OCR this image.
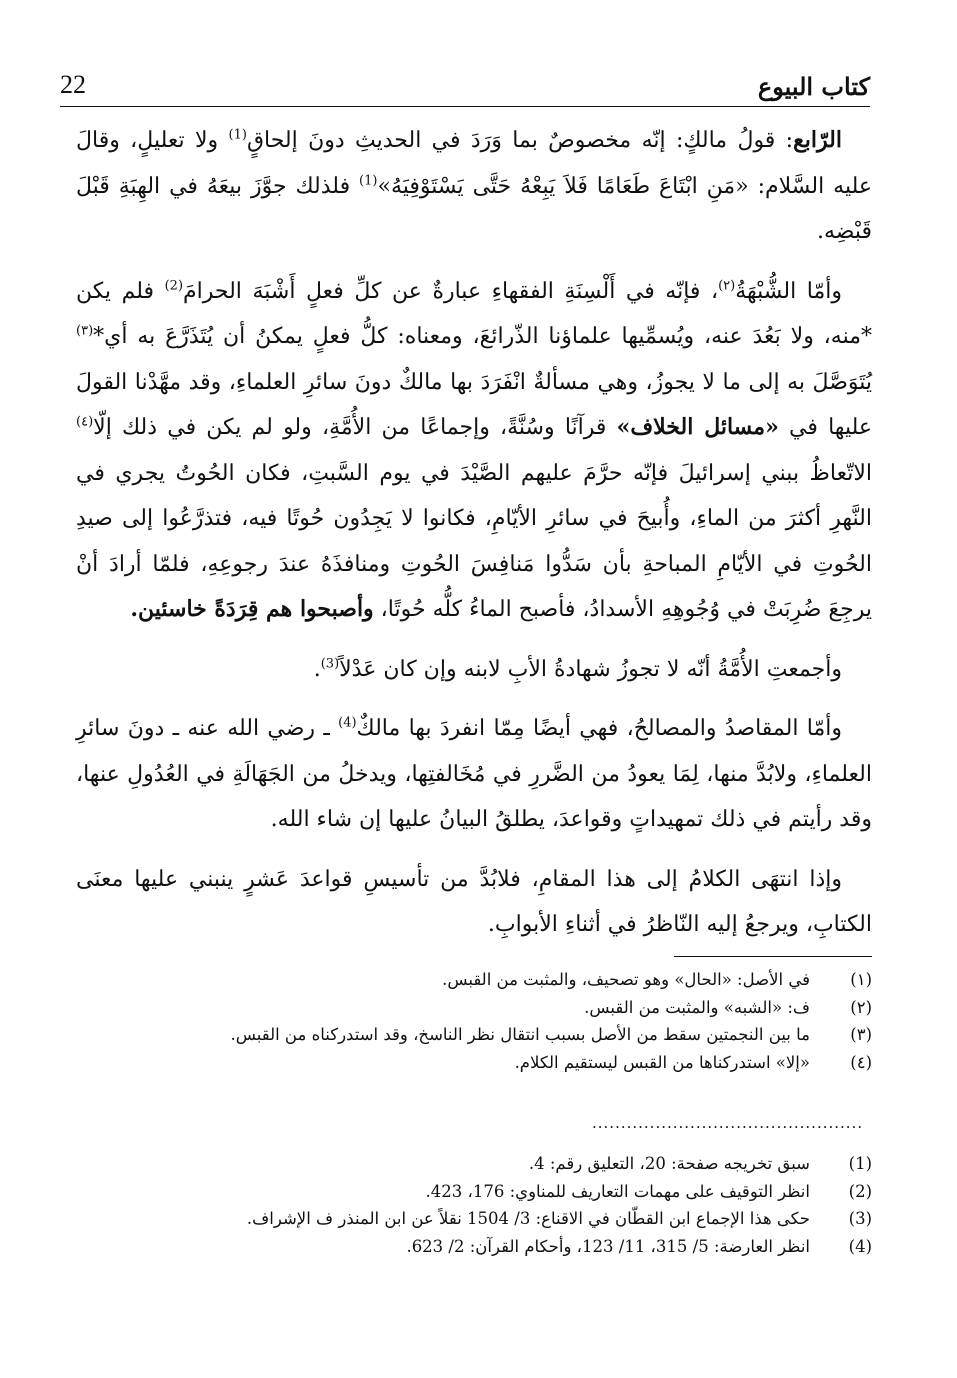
كتاب البيوع
22

الرّابع: قولُ مالكٍ: إنّه مخصوصٌ بما وَرَدَ في الحديثِ دونَ إلحاقٍ$^{(1)}$ ولا تعليلٍ، وقالَ عليه السَّلام: «مَنِ ابْتَاعَ طَعَامًا فَلاَ يَبِعْهُ حَتَّى يَسْتَوْفِيَهُ»$^{(1)}$ فلذلك جوَّزَ بيعَهُ في الهِبَةِ قَبْلَ قَبْضِه.

وأمّا الشُّبْهَةُ$^{(٢)}$، فإنّه في أَلْسِنَةِ الفقهاءِ عبارةٌ عن كلِّ فعلٍ أَشْبَهَ الحرامَ$^{(2)}$ فلم يكن *منه، ولا بَعُدَ عنه، ويُسمِّيها علماؤنا الذّرائعَ، ومعناه: كلُّ فعلٍ يمكنُ أن يُتَذَرَّعَ به أي*$^{(٣)}$ يُتَوَصَّلَ به إلى ما لا يجوزُ، وهي مسألةٌ انْفَرَدَ بها مالكٌ دونَ سائرِ العلماءِ، وقد مهَّدْنا القولَ عليها في «مسائل الخلاف» قرآنًا وسُنَّةً، وإجماعًا من الأُمَّةِ، ولو لم يكن في ذلك إلّا$^{(٤)}$ الاتّعاظُ ببني إسرائيلَ فإنّه حرَّمَ عليهم الصَّيْدَ في يوم السَّبتِ، فكان الحُوتُ يجري في النَّهرِ أكثرَ من الماءِ، وأُبيحَ في سائرِ الأيّامِ، فكانوا لا يَجِدُون حُوتًا فيه، فتذرَّعُوا إلى صيدِ الحُوتِ في الأيّامِ المباحةِ بأن سَدُّوا مَنافِسَ الحُوتِ ومنافذَهُ عندَ رجوعِهِ، فلمّا أرادَ أنْ يرجِعَ ضُرِبَتْ في وُجُوهِهِ الأسدادُ، فأصبح الماءُ كلُّه حُوتًا، وأصبحوا هم قِرَدَةً خاسئين.

وأجمعتِ الأُمَّةُ أنّه لا تجوزُ شهادةُ الأبِ لابنه وإن كان عَدْلاً$^{(3)}$.

وأمّا المقاصدُ والمصالحُ، فهي أيضًا مِمّا انفردَ بها مالكٌ$^{(4)}$ ـ رضي الله عنه ـ دونَ سائرِ العلماءِ، ولابُدَّ منها، لِمَا يعودُ من الضَّررِ في مُخَالفتِها، ويدخلُ من الجَهَالَةِ في العُدُولِ عنها، وقد رأيتم في ذلك تمهيداتٍ وقواعدَ، يطلقُ البيانُ عليها إن شاء الله.

وإذا انتهَى الكلامُ إلى هذا المقامِ، فلابُدَّ من تأسيسِ قواعدَ عَشرٍ ينبني عليها معنَى الكتابِ، ويرجعُ إليه النّاظرُ في أثناءِ الأبوابِ.

(١)
في الأصل: «الحال» وهو تصحيف، والمثبت من القبس.
(٢)
ف: «الشبه» والمثبت من القبس.
(٣)
ما بين النجمتين سقط من الأصل بسبب انتقال نظر الناسخ، وقد استدركناه من القبس.
(٤)
«إلا» استدركناها من القبس ليستقيم الكلام.
...............................................
(1)
سبق تخريجه صفحة: 20، التعليق رقم: 4.
(2)
انظر التوقيف على مهمات التعاريف للمناوي: 176، 423.
(3)
حكى هذا الإجماع ابن القطّان في الاقناع: 3/ 1504 نقلاً عن ابن المنذر ف الإشراف.
(4)
انظر العارضة: 5/ 315، 11/ 123، وأحكام القرآن: 2/ 623.
